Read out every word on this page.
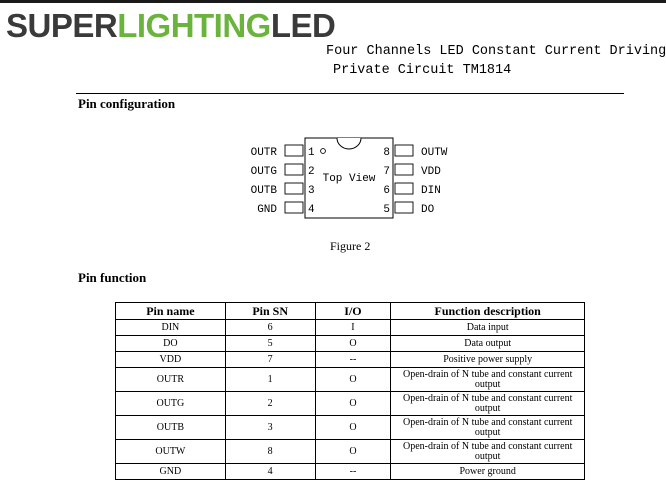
SUPERLIGHTINGLED
Four Channels LED Constant Current Driving
Private Circuit TM1814
Pin configuration
Top View
OUTR
OUTG
OUTB
GND
1
2
3
4
8
7
6
5
OUTW
VDD
DIN
DO
Figure 2
Pin function
Pin name	Pin SN	I/O	Function description
DIN	6	I	Data input
DO	5	O	Data output
VDD	7	--	Positive power supply
OUTR	1	O	Open-drain of N tube and constant current output
OUTG	2	O	Open-drain of N tube and constant current output
OUTB	3	O	Open-drain of N tube and constant current output
OUTW	8	O	Open-drain of N tube and constant current output
GND	4	--	Power ground
